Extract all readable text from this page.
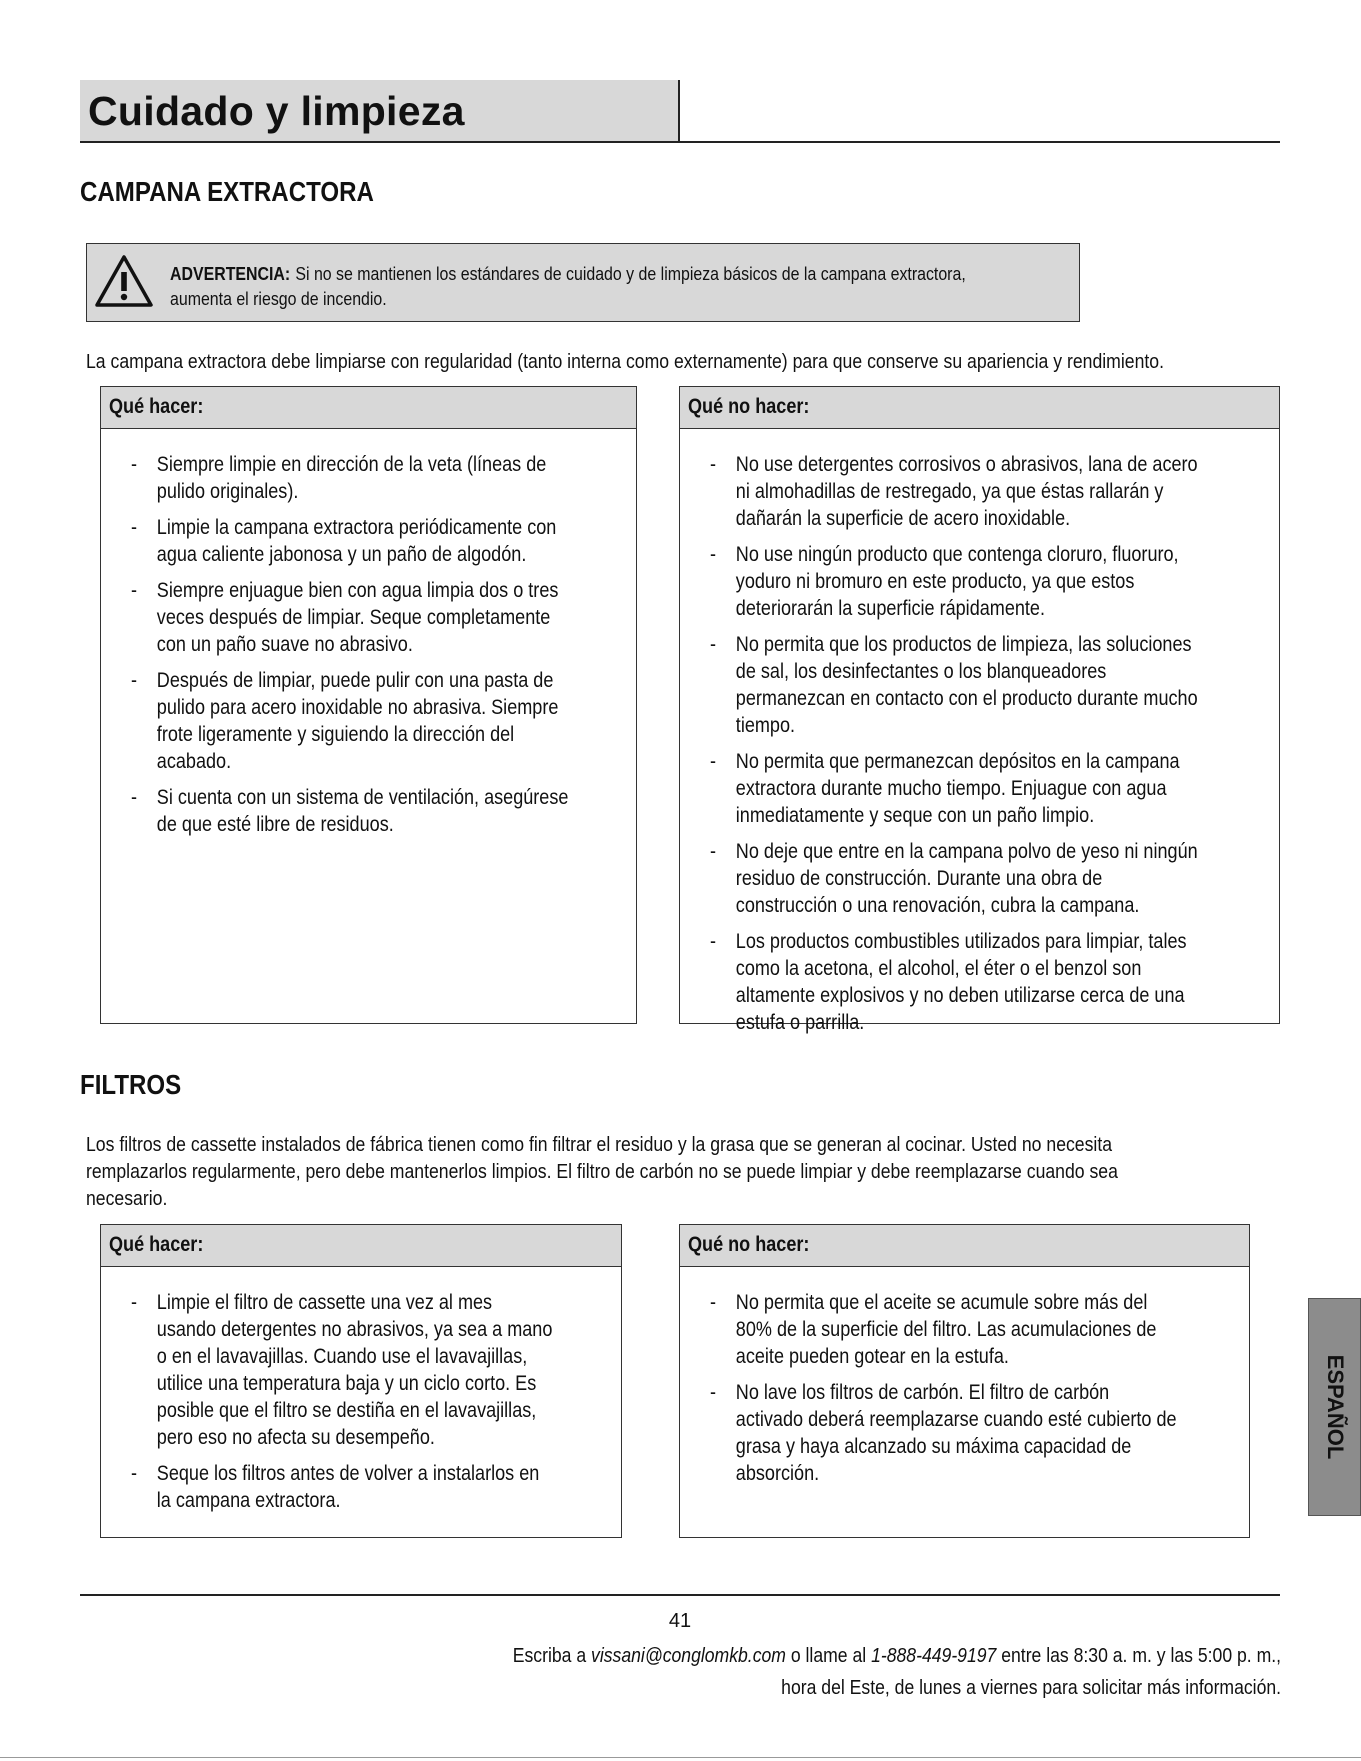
Cuidado y limpieza
CAMPANA EXTRACTORA
ADVERTENCIA: Si no se mantienen los estándares de cuidado y de limpieza básicos de la campana extractora,
aumenta el riesgo de incendio.
La campana extractora debe limpiarse con regularidad (tanto interna como externamente) para que conserve su apariencia y rendimiento.
Qué hacer:
- Siempre limpie en dirección de la veta (líneas de pulido originales).
- Limpie la campana extractora periódicamente con agua caliente jabonosa y un paño de algodón.
- Siempre enjuague bien con agua limpia dos o tres veces después de limpiar. Seque completamente con un paño suave no abrasivo.
- Después de limpiar, puede pulir con una pasta de pulido para acero inoxidable no abrasiva. Siempre frote ligeramente y siguiendo la dirección del acabado.
- Si cuenta con un sistema de ventilación, asegúrese de que esté libre de residuos.
Qué no hacer:
- No use detergentes corrosivos o abrasivos, lana de acero ni almohadillas de restregado, ya que éstas rallarán y dañarán la superficie de acero inoxidable.
- No use ningún producto que contenga cloruro, fluoruro, yoduro ni bromuro en este producto, ya que estos deteriorarán la superficie rápidamente.
- No permita que los productos de limpieza, las soluciones de sal, los desinfectantes o los blanqueadores permanezcan en contacto con el producto durante mucho tiempo.
- No permita que permanezcan depósitos en la campana extractora durante mucho tiempo. Enjuague con agua inmediatamente y seque con un paño limpio.
- No deje que entre en la campana polvo de yeso ni ningún residuo de construcción. Durante una obra de construcción o una renovación, cubra la campana.
- Los productos combustibles utilizados para limpiar, tales como la acetona, el alcohol, el éter o el benzol son altamente explosivos y no deben utilizarse cerca de una estufa o parrilla.
FILTROS
Los filtros de cassette instalados de fábrica tienen como fin filtrar el residuo y la grasa que se generan al cocinar. Usted no necesita remplazarlos regularmente, pero debe mantenerlos limpios. El filtro de carbón no se puede limpiar y debe reemplazarse cuando sea necesario.
Qué hacer:
- Limpie el filtro de cassette una vez al mes usando detergentes no abrasivos, ya sea a mano o en el lavavajillas. Cuando use el lavavajillas, utilice una temperatura baja y un ciclo corto. Es posible que el filtro se destiña en el lavavajillas, pero eso no afecta su desempeño.
- Seque los filtros antes de volver a instalarlos en la campana extractora.
Qué no hacer:
- No permita que el aceite se acumule sobre más del 80% de la superficie del filtro. Las acumulaciones de aceite pueden gotear en la estufa.
- No lave los filtros de carbón. El filtro de carbón activado deberá reemplazarse cuando esté cubierto de grasa y haya alcanzado su máxima capacidad de absorción.
ESPAÑOL
41
Escriba a vissani@conglomkb.com o llame al 1-888-449-9197 entre las 8:30 a. m. y las 5:00 p. m.,
hora del Este, de lunes a viernes para solicitar más información.
